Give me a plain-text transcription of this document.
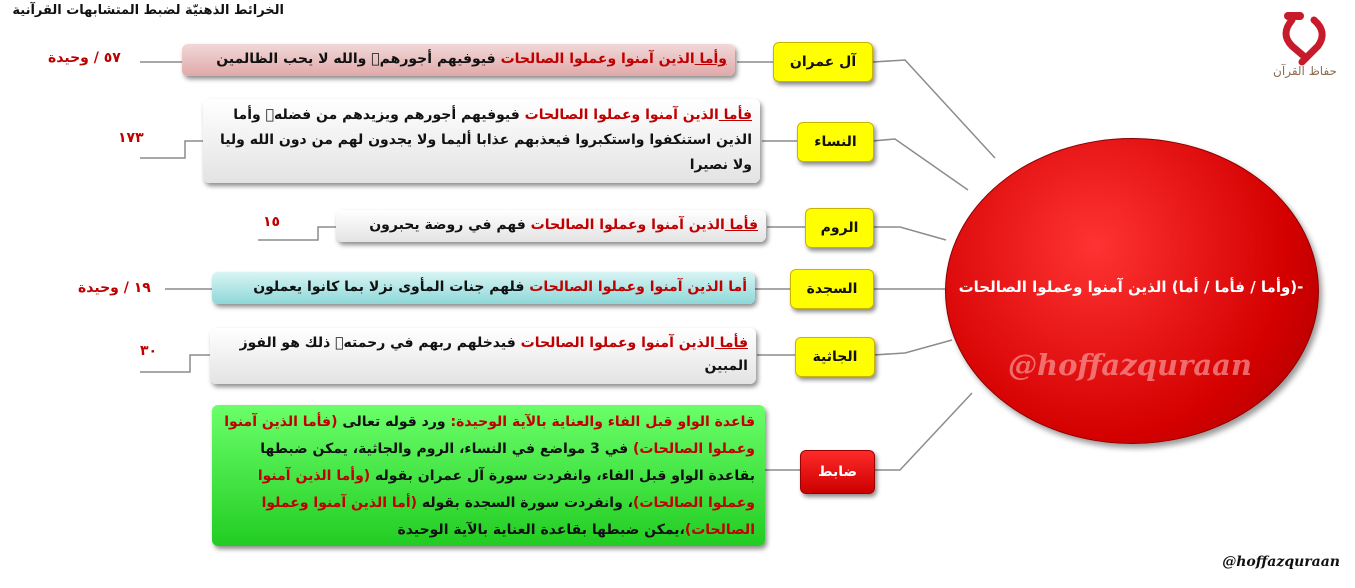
الخرائط الذهنيّة لضبط المتشابهات القرآنية
حفاظ القرآن
-(وأما / فأما / أما) الذين آمنوا وعملوا الصالحات
@hoffazquraan
آل عمران
وأما الذين آمنوا وعملوا الصالحات فيوفيهم أجورهمۗ والله لا يحب الظالمين
٥٧ / وحيدة
النساء
فأما الذين آمنوا وعملوا الصالحات فيوفيهم أجورهم ويزيدهم من فضلهۖ وأما الذين استنكفوا واستكبروا فيعذبهم عذابا أليما ولا يجدون لهم من دون الله وليا ولا نصيرا
١٧٣
الروم
فأما الذين آمنوا وعملوا الصالحات فهم في روضة يحبرون
١٥
السجدة
أما الذين آمنوا وعملوا الصالحات فلهم جنات المأوى نزلا بما كانوا يعملون
١٩ / وحيدة
الجاثية
فأما الذين آمنوا وعملوا الصالحات فيدخلهم ربهم في رحمتهۚ ذلك هو الفوز المبين
٣٠
ضابط
قاعدة الواو قبل الفاء والعناية بالآية الوحيدة: ورد قوله تعالى (فأما الذين آمنوا وعملوا الصالحات) في 3 مواضع في النساء، الروم والجاثية، يمكن ضبطها بقاعدة الواو قبل الفاء، وانفردت سورة آل عمران بقوله (وأما الذين آمنوا وعملوا الصالحات)، وانفردت سورة السجدة بقوله (أما الذين آمنوا وعملوا الصالحات)،يمكن ضبطها بقاعدة العناية بالآية الوحيدة
@hoffazquraan
